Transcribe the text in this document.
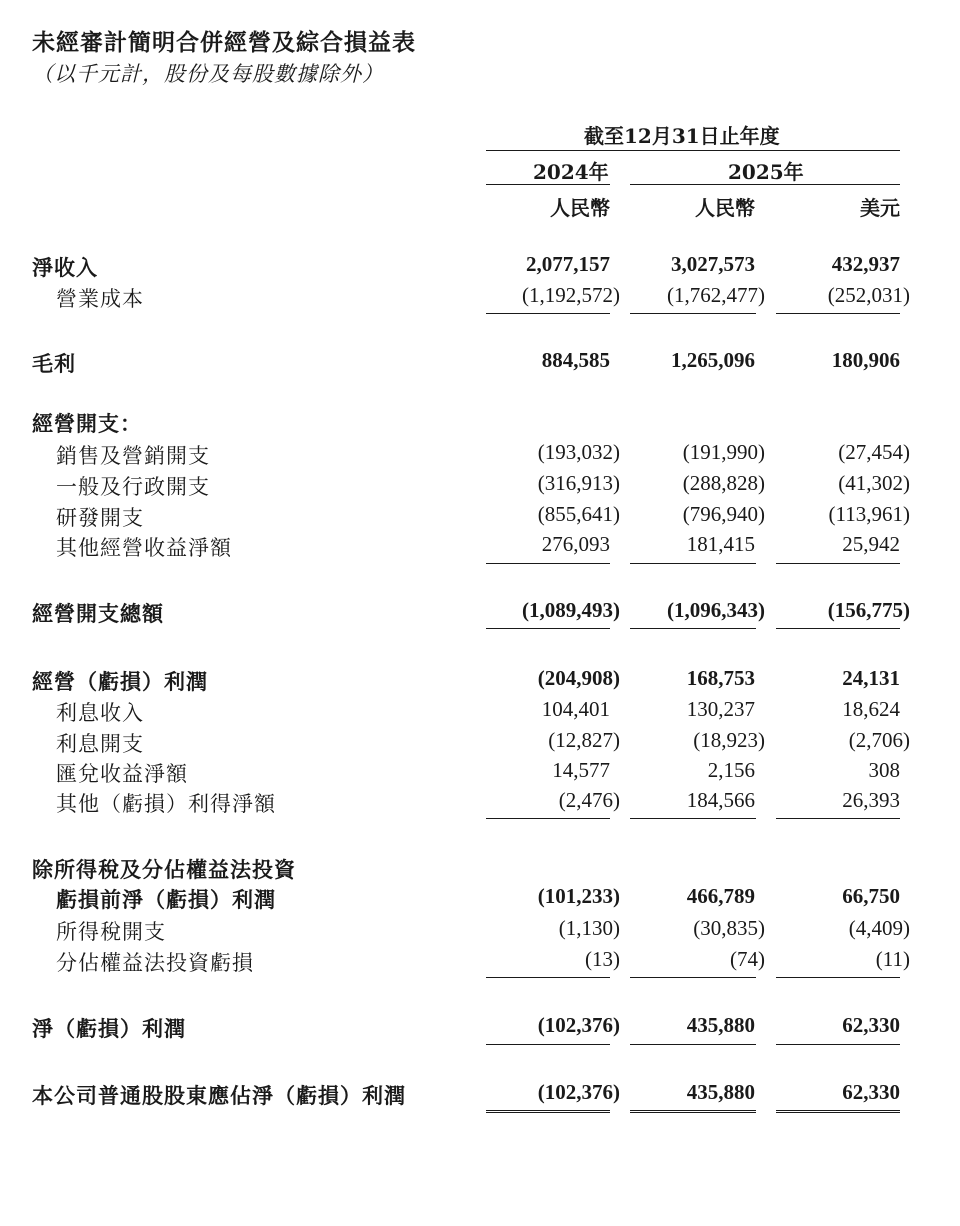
未經審計簡明合併經營及綜合損益表
（以千元計，股份及每股數據除外）
截至12月31日止年度
2024年	2025年
人民幣	人民幣	美元
淨收入	2,077,157	3,027,573	432,937
營業成本	(1,192,572) (1,762,477)	(252,031)
毛利	884,585	1,265,096	180,906
經營開支：
銷售及營銷開支	(193,032)	(191,990)	(27,454)
一般及行政開支	(316,913)	(288,828)	(41,302)
研發開支	(855,641)	(796,940)	(113,961)
其他經營收益淨額	276,093	181,415	25,942
經營開支總額	(1,089,493) (1,096,343)	(156,775)
經營（虧損）利潤	(204,908)	168,753	24,131
利息收入	104,401	130,237	18,624
利息開支	(12,827)	(18,923)	(2,706)
匯兌收益淨額	14,577	2,156	308
其他（虧損）利得淨額	(2,476)	184,566	26,393
除所得稅及分佔權益法投資
虧損前淨（虧損）利潤	(101,233)	466,789	66,750
所得稅開支	(1,130)	(30,835)	(4,409)
分佔權益法投資虧損	(13)	(74)	(11)
淨（虧損）利潤	(102,376)	435,880	62,330
本公司普通股股東應佔淨（虧損）利潤	(102,376)	435,880	62,330
